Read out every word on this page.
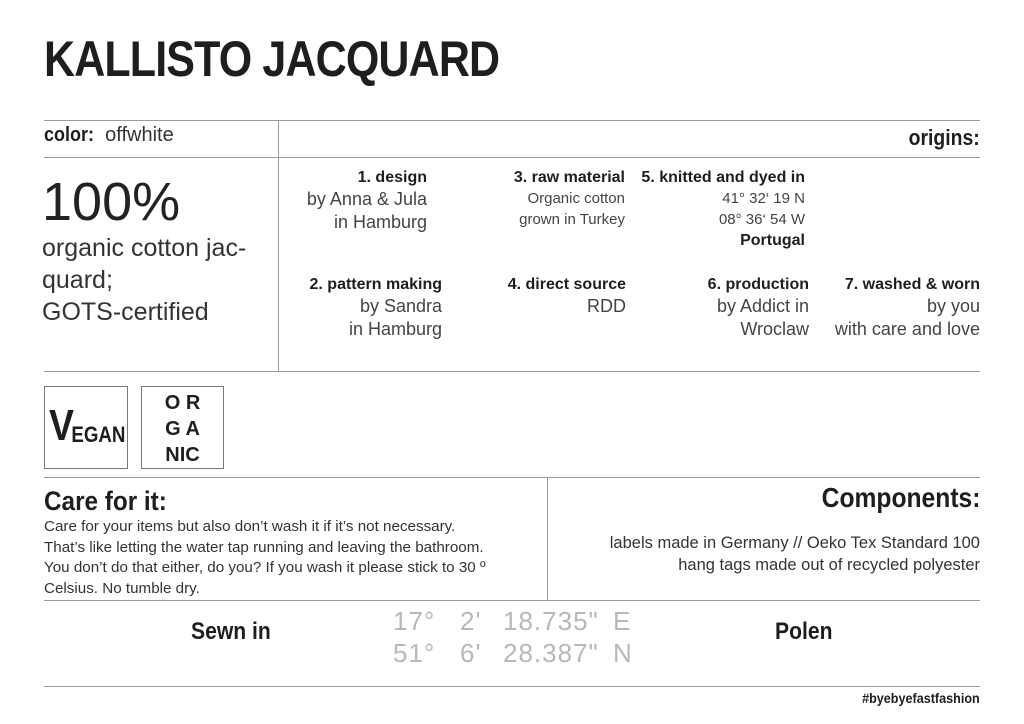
KALLISTO JACQUARD
color: offwhite	origins:
100%
organic cotton jac-
quard;
GOTS-certified
1. design
by Anna & Jula
in Hamburg
3. raw material
Organic cotton
grown in Turkey
5. knitted and dyed in
41° 32‘ 19 N
08° 36‘ 54 W
Portugal
2. pattern making
by Sandra
in Hamburg
4. direct source
RDD
6. production
by Addict in
Wroclaw
7. washed & worn
by you
with care and love
VEGAN
O R
G A
NIC
Care for it:
Care for your items but also don’t wash it if it’s not necessary.
That’s like letting the water tap running and leaving the bathroom.
You don’t do that either, do you? If you wash it please stick to 30 º
Celsius. No tumble dry.
Components:
labels made in Germany // Oeko Tex Standard 100
hang tags made out of recycled polyester
Sewn in	17° 2' 18.735" E
51° 6' 28.387" N
Polen
#byebyefastfashion
